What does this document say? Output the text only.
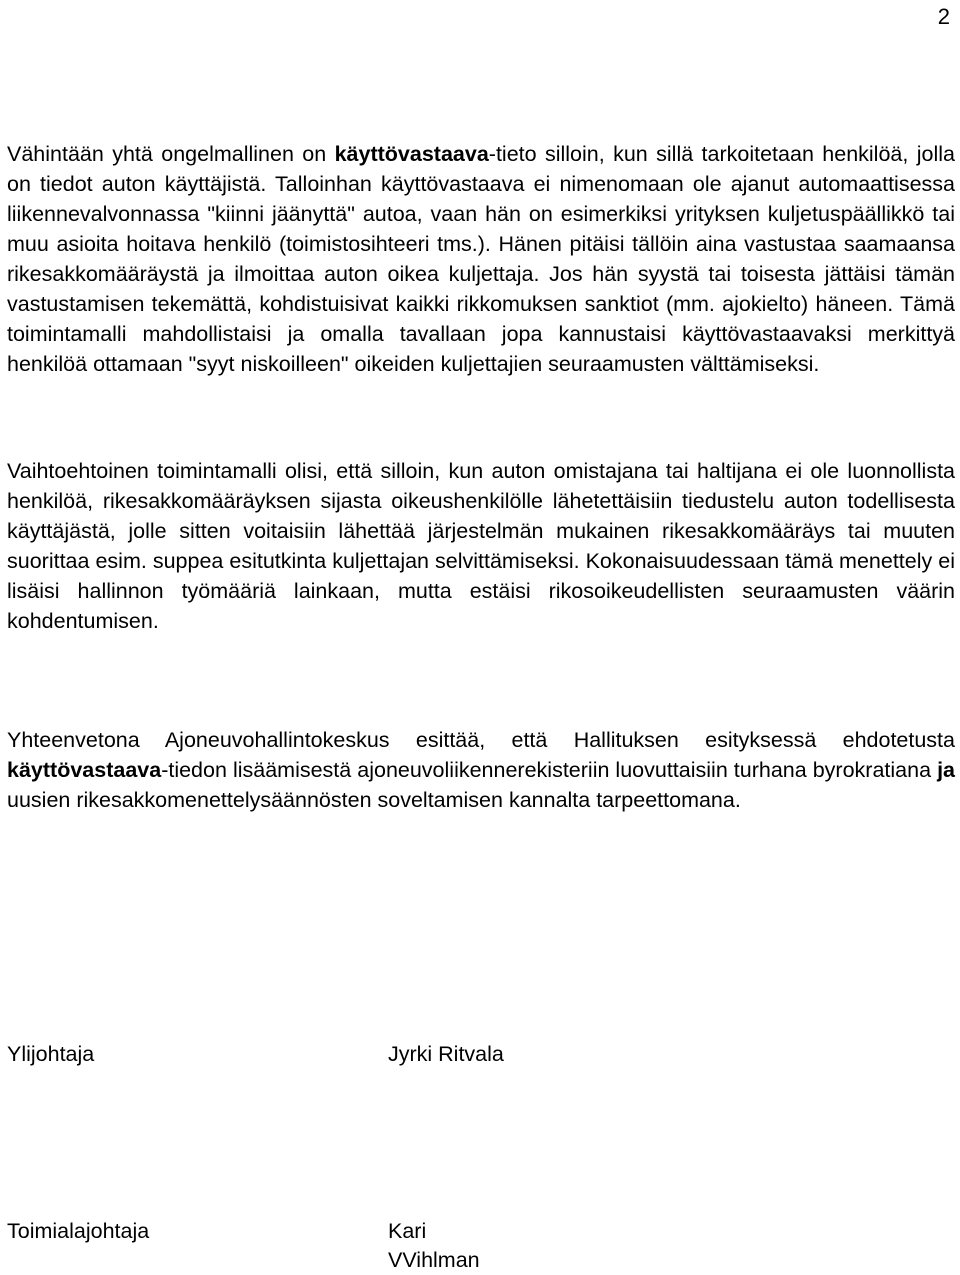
2

Vähintään yhtä ongelmallinen on käyttövastaava-tieto silloin, kun sillä tarkoitetaan henkilöä, jolla on tiedot auton käyttäjistä. Talloinhan käyttövastaava ei nimenomaan ole ajanut automaattisessa liikennevalvonnassa "kiinni jäänyttä" autoa, vaan hän on esimerkiksi yrityksen kuljetuspäällikkö tai muu asioita hoitava henkilö (toimistosihteeri tms.). Hänen pitäisi tällöin aina vastustaa saamaansa rikesakkomääräystä ja ilmoittaa auton oikea kuljettaja. Jos hän syystä tai toisesta jättäisi tämän vastustamisen tekemättä, kohdistuisivat kaikki rikkomuksen sanktiot (mm. ajokielto) häneen. Tämä toimintamalli mahdollistaisi ja omalla tavallaan jopa kannustaisi käyttövastaavaksi merkittyä henkilöä ottamaan "syyt niskoilleen" oikeiden kuljettajien seuraamusten välttämiseksi.

Vaihtoehtoinen toimintamalli olisi, että silloin, kun auton omistajana tai haltijana ei ole luonnollista henkilöä, rikesakkomääräyksen sijasta oikeushenkilölle lähetettäisiin tiedustelu auton todellisesta käyttäjästä, jolle sitten voitaisiin lähettää järjestelmän mukainen rikesakkomääräys tai muuten suorittaa esim. suppea esitutkinta kuljettajan selvittämiseksi. Kokonaisuudessaan tämä menettely ei lisäisi hallinnon työmääriä lainkaan, mutta estäisi rikosoikeudellisten seuraamusten väärin kohdentumisen.

Yhteenvetona Ajoneuvohallintokeskus esittää, että Hallituksen esityksessä ehdotetusta käyttövastaava-tiedon lisäämisestä ajoneuvoliikennerekisteriin luovuttaisiin turhana byrokratiana ja uusien rikesakkomenettelysäännösten soveltamisen kannalta tarpeettomana.

Ylijohtaja	Jyrki Ritvala
Toimialajohtaja	Kari
VVihlman
